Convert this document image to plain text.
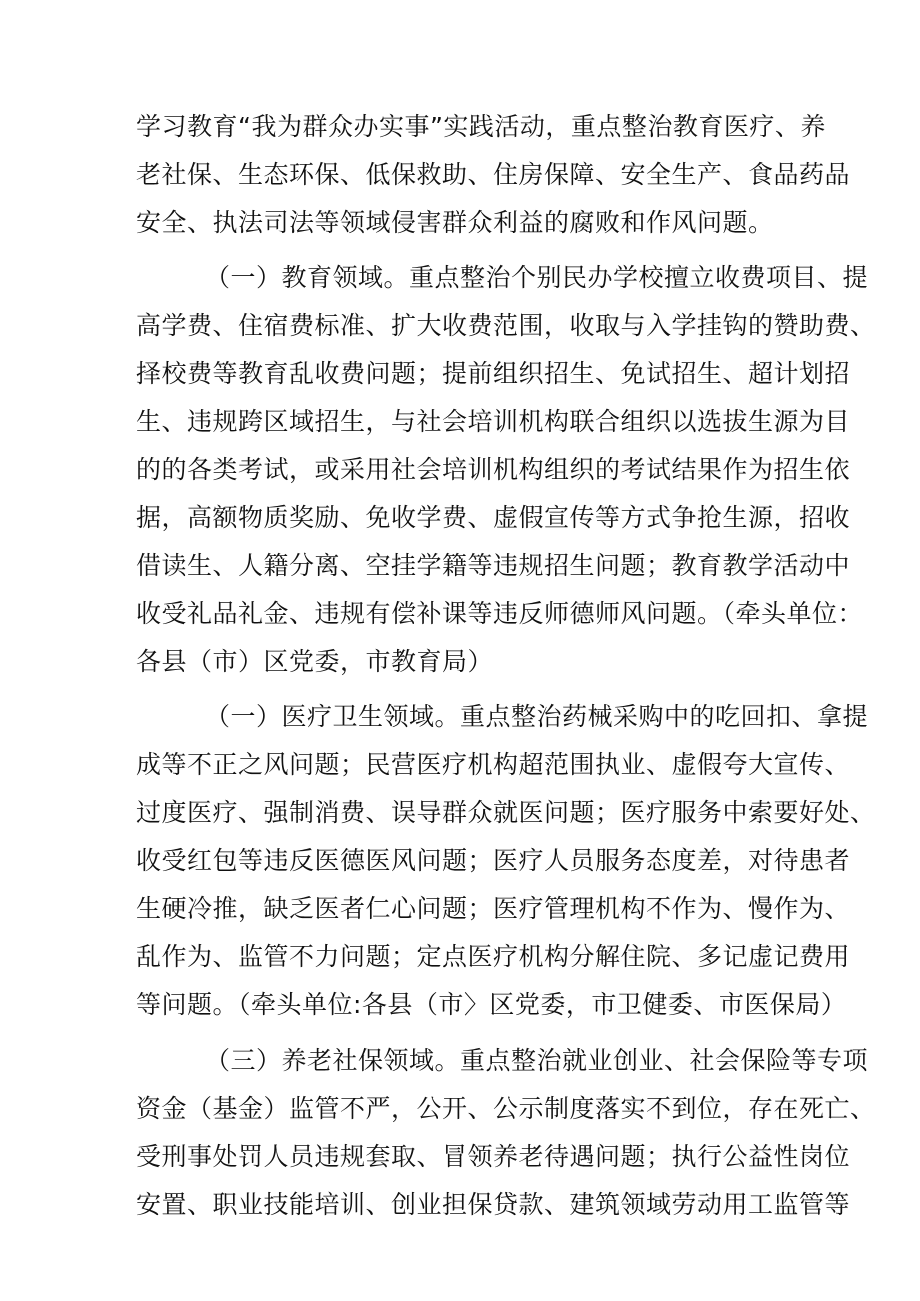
学习教育“我为群众办实事”实践活动，重点整治教育医疗、养
老社保、生态环保、低保救助、住房保障、安全生产、食品药品
安全、执法司法等领域侵害群众利益的腐败和作风问题。
（一）教育领域。重点整治个别民办学校擅立收费项目、提
高学费、住宿费标准、扩大收费范围，收取与入学挂钩的赞助费、
择校费等教育乱收费问题；提前组织招生、免试招生、超计划招
生、违规跨区域招生，与社会培训机构联合组织以选拔生源为目
的的各类考试，或采用社会培训机构组织的考试结果作为招生依
据，高额物质奖励、免收学费、虚假宣传等方式争抢生源，招收
借读生、人籍分离、空挂学籍等违规招生问题；教育教学活动中
收受礼品礼金、违规有偿补课等违反师德师风问题。（牵头单位：
各县（市）区党委，市教育局）
（一）医疗卫生领域。重点整治药械采购中的吃回扣、拿提
成等不正之风问题；民营医疗机构超范围执业、虚假夸大宣传、
过度医疗、强制消费、误导群众就医问题；医疗服务中索要好处、
收受红包等违反医德医风问题；医疗人员服务态度差，对待患者
生硬冷推，缺乏医者仁心问题；医疗管理机构不作为、慢作为、
乱作为、监管不力问题；定点医疗机构分解住院、多记虚记费用
等问题。（牵头单位:各县（市〉区党委，市卫健委、市医保局）
（三）养老社保领域。重点整治就业创业、社会保险等专项
资金（基金）监管不严，公开、公示制度落实不到位，存在死亡、
受刑事处罚人员违规套取、冒领养老待遇问题；执行公益性岗位
安置、职业技能培训、创业担保贷款、建筑领域劳动用工监管等
